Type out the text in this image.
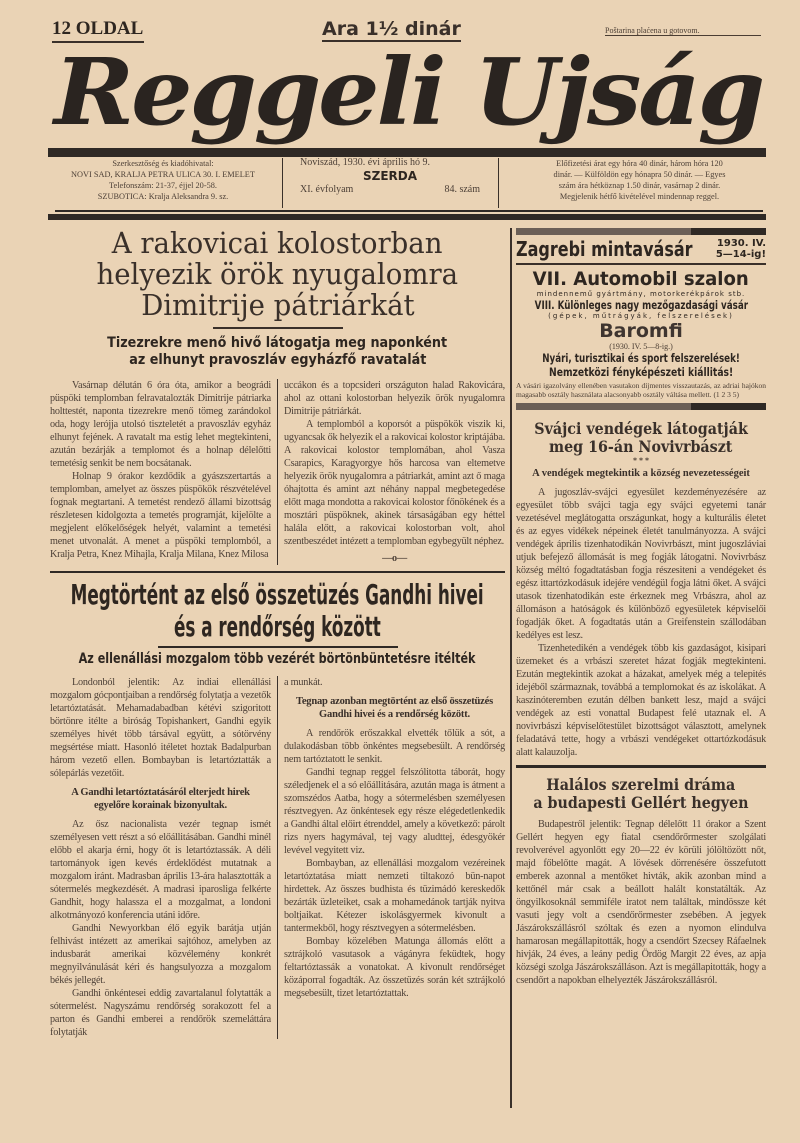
12 OLDAL	Ara 1½ dinár	Poštarina plaćena u gotovom.
Reggeli Ujság
Szerkesztőség és kiadóhivatal:
NOVI SAD, KRALJA PETRA ULICA 30. I. EMELET
Telefonszám: 21-37, éjjel 20-58.
SZUBOTICA: Kralja Aleksandra 9. sz.
Noviszád, 1930. évi április hó 9.
SZERDA
XI. évfolyam	84. szám
Előfizetési árat egy hóra 40 dinár, három hóra 120
dinár. — Külföldön egy hónapra 50 dinár. — Egyes
szám ára hétköznap 1.50 dinár, vasárnap 2 dinár.
Megjelenik hétfő kivételével mindennap reggel.
A rakovicai kolostorban
helyezik örök nyugalomra
Dimitrije pátriárkát
Tizezrekre menő hivő látogatja meg naponként
az elhunyt pravoszláv egyházfő ravatalát

Vasárnap délután 6 óra óta, amikor a beográdi püspöki templomban felravatalozták Dimitrije pátriarka holttestét, naponta tizezrekre menő tömeg zarándokol oda, hogy lerójja utolsó tiszteletét a pravoszláv egyház elhunyt fejének. A ravatalt ma estig lehet megtekinteni, azután bezárják a templomot és a holnap délelőtti temetésig senkit be nem bocsátanak.

Holnap 9 órakor kezdődik a gyászszertartás a templomban, amelyet az összes püspökök részvételével fognak megtartani. A temetést rendező állami bizottság részletesen kidolgozta a temetés programját, kijelölte a megjelent előkelőségek helyét, valamint a temetési menet utvonalát. A menet a püspöki templomból, a Kralja Petra, Knez Mihajla, Kralja Milana, Knez Milosa

uccákon és a topcsideri országuton halad Rakovicára, ahol az ottani kolostorban helyezik örök nyugalomra Dimitrije pátriárkát.

A templomból a koporsót a püspökök viszik ki, ugyancsak ők helyezik el a rakovicai kolostor kriptájába. A rakovicai kolostor templomában, ahol Vasza Csarapics, Karagyorgye hős harcosa van eltemetve helyezik örök nyugalomra a pátriarkát, amint azt ő maga óhajtotta és amint azt néhány nappal megbetegedése előtt maga mondotta a rakovicai kolostor főnökének és a mosztári püspöknek, akinek társaságában egy héttel halála előtt, a rakovicai kolostorban volt, ahol szentbeszédet intézett a templomban egybegyült néphez.

—o—
Megtörtént az első összetüzés Gandhi hivei
és a rendőrség között
Az ellenállási mozgalom több vezérét börtönbüntetésre itélték

Londonból jelentik: Az indiai ellenállási mozgalom gócpontjaiban a rendőrség folytatja a vezetők letartóztatását. Mehamadabadban kétévi szigoritott börtönre itélte a biróság Topishankert, Gandhi egyik személyes hivét több társával együtt, a sótörvény megsértése miatt. Hasonló itéletet hoztak Badalpurban három vezető ellen. Bombayban is letartóztatták a sólepárlás vezetőit.

A Gandhi letartóztatásáról elterjedt hirek egyelőre korainak bizonyultak.

Az ősz nacionalista vezér tegnap ismét személyesen vett részt a só előállitásában. Gandhi minél előbb el akarja érni, hogy őt is letartóztassák. A déli tartományok igen kevés érdeklődést mutatnak a mozgalom iránt. Madrasban április 13-ára halasztották a sótermelés megkezdését. A madrasi iparosliga felkérte Gandhit, hogy halassza el a mozgalmat, a londoni alkotmányozó konferencia utáni időre.

Gandhi Newyorkban élő egyik barátja utján felhivást intézett az amerikai sajtóhoz, amelyben az indusbarát amerikai közvélemény konkrét megnyilvánulását kéri és hangsulyozza a mozgalom békés jellegét.

Gandhi önkéntesei eddig zavartalanul folytatták a sótermelést. Nagyszámu rendőrség sorakozott fel a parton és Gandhi emberei a rendőrök szemeláttára folytatják

a munkát.

Tegnap azonban megtörtént az első összetüzés Gandhi hivei és a rendőrség között.

A rendőrök erőszakkal elvették tőlük a sót, a dulakodásban több önkéntes megsebesült. A rendőrség nem tartóztatott le senkit.

Gandhi tegnap reggel felszólitotta táborát, hogy széledjenek el a só előállitására, azután maga is átment a szomszédos Aatba, hogy a sótermelésben személyesen résztvegyen. Az önkéntesek egy része elégedetlenkedik a Gandhi által előirt étrenddel, amely a következő: párolt rizs nyers hagymával, tej vagy aludttej, édesgyökér levével vegyitett viz.

Bombayban, az ellenállási mozgalom vezéreinek letartóztatása miatt nemzeti tiltakozó bün-napot hirdettek. Az összes budhista és tüzimádó kereskedők bezárták üzleteiket, csak a mohamedánok tartják nyitva boltjaikat. Kétezer iskolásgyermek kivonult a tantermekből, hogy résztvegyen a sótermelésben.

Bombay közelében Matunga állomás előtt a sztrájkoló vasutasok a vágányra feküdtek, hogy feltartóztassák a vonatokat. A kivonult rendőrséget közáporral fogadták. Az összetüzés során két sztrájkoló megsebesült, tizet letartóztattak.

Zagrebi mintavásár 1930. IV.
5—14-ig!
VII. Automobil szalon
mindennemű gyártmány, motorkerékpárok stb.
VIII. Különleges nagy mezőgazdasági vásár
(gépek, műtrágyák, felszerelések)
Baromfi
(1930. IV. 5—8-ig.)
Nyári, turisztikai és sport felszerelések!
Nemzetközi fényképészeti kiállitás!
A vásári igazolvány ellenében vasutakon díjmentes visszautazás, az adriai hajókon magasabb osztály használata alacsonyabb osztály váltása mellett. (1 2 3 5)
Svájci vendégek látogatják
meg 16-án Novivrbászt
* * *
A vendégek megtekintik a község nevezetességeit

A jugoszláv-svájci egyesület kezdeményezésére az egyesület több svájci tagja egy svájci egyetemi tanár vezetésével meglátogatta országunkat, hogy a kulturális életet és az egyes vidékek népeinek életét tanulmányozza. A svájci vendégek április tizenhatodikán Novivrbászt, mint jugoszláviai utjuk befejező állomását is meg fogják látogatni. Novivrbász község méltó fogadtatásban fogja részesiteni a vendégeket és egész ittartózkodásuk idejére vendégül fogja látni őket. A svájci utasok tizenhatodikán este érkeznek meg Vrbászra, ahol az állomáson a hatóságok és különböző egyesületek képviselői fogadják őket. A fogadtatás után a Greifenstein szállodában kedélyes est lesz.

Tizenhetedikén a vendégek több kis gazdaságot, kisipari üzemeket és a vrbászi szeretet házat fogják megtekinteni. Ezután megtekintik azokat a házakat, amelyek még a telepités idejéből származnak, továbbá a templomokat és az iskolákat. A kaszinóteremben ezután délben bankett lesz, majd a svájci vendégek az esti vonattal Budapest felé utaznak el. A novivrbászi képviselőtestület bizottságot választott, amelynek feladatává tette, hogy a vrbászi vendégeket ottartózkodásuk alatt kalauzolja.

Halálos szerelmi dráma
a budapesti Gellért hegyen

Budapestről jelentik: Tegnap délelőtt 11 órakor a Szent Gellért hegyen egy fiatal csendőrőrmester szolgálati revolverével agyonlőtt egy 20—22 év körüli jólöltözött nőt, majd főbelőtte magát. A lövések dörrenésére összefutott emberek azonnal a mentőket hivták, akik azonban mind a kettőnél már csak a beállott halált konstatálták. Az öngyilkosoknál semmiféle iratot nem találtak, mindössze két vasuti jegy volt a csendőrőrmester zsebében. A jegyek Jászárokszállásról szóltak és ezen a nyomon elindulva hamarosan megállapitották, hogy a csendőrt Szecsey Ráfaelnek hivják, 24 éves, a leány pedig Ördög Margit 22 éves, az apja községi szolga Jászárokszálláson. Azt is megállapitották, hogy a csendőrt a napokban elhelyezték Jászárokszállásról.
